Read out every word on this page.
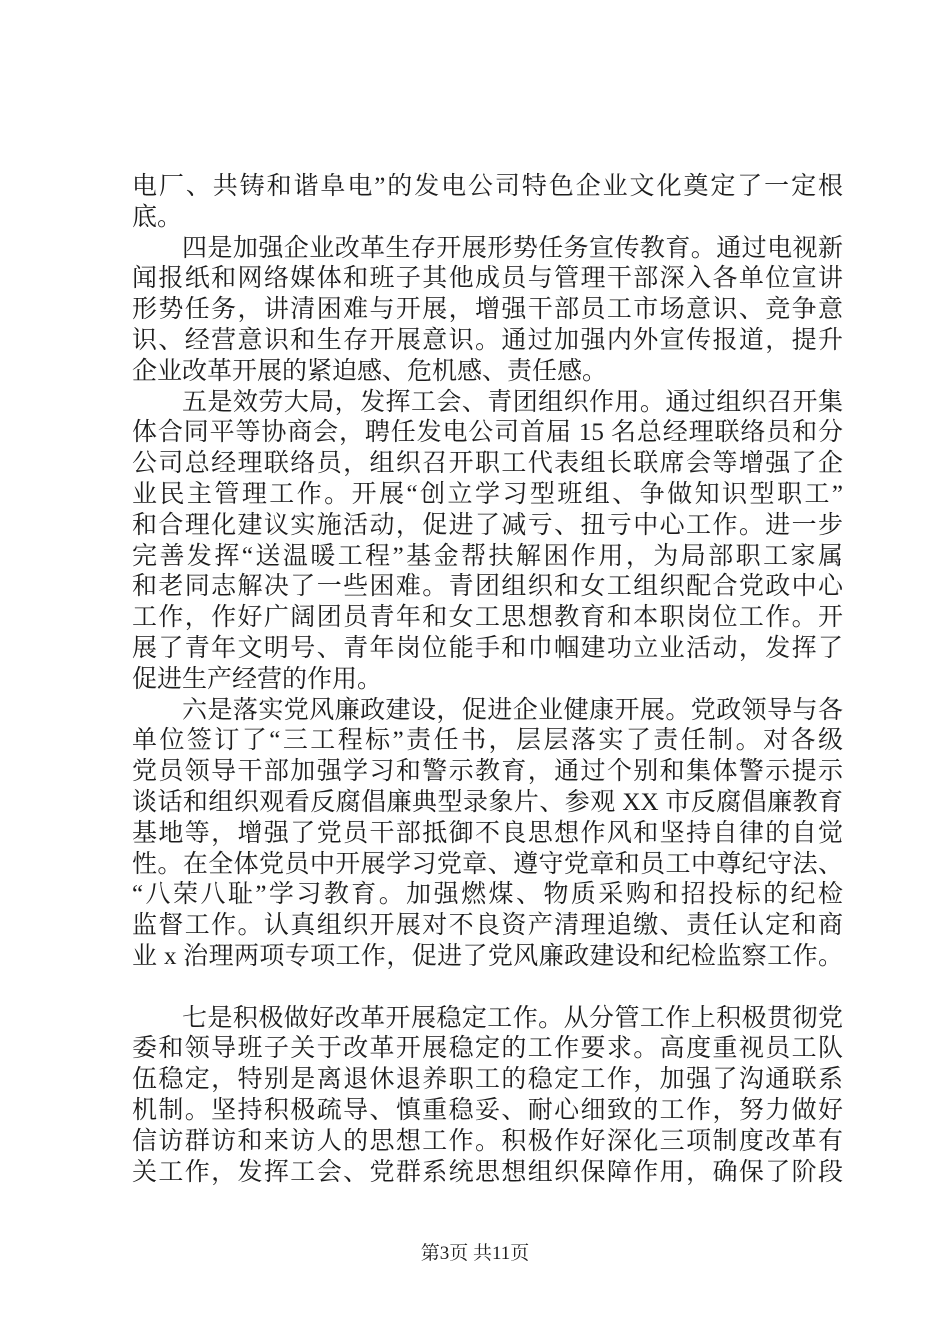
电厂、共铸和谐阜电”的发电公司特色企业文化奠定了一定根
底。
四是加强企业改革生存开展形势任务宣传教育。通过电视新
闻报纸和网络媒体和班子其他成员与管理干部深入各单位宣讲
形势任务，讲清困难与开展，增强干部员工市场意识、竞争意
识、经营意识和生存开展意识。通过加强内外宣传报道，提升
企业改革开展的紧迫感、危机感、责任感。
五是效劳大局，发挥工会、青团组织作用。通过组织召开集
体合同平等协商会，聘任发电公司首届 15 名总经理联络员和分
公司总经理联络员，组织召开职工代表组长联席会等增强了企
业民主管理工作。开展“创立学习型班组、争做知识型职工”
和合理化建议实施活动，促进了减亏、扭亏中心工作。进一步
完善发挥“送温暖工程”基金帮扶解困作用，为局部职工家属
和老同志解决了一些困难。青团组织和女工组织配合党政中心
工作，作好广阔团员青年和女工思想教育和本职岗位工作。开
展了青年文明号、青年岗位能手和巾帼建功立业活动，发挥了
促进生产经营的作用。
六是落实党风廉政建设，促进企业健康开展。党政领导与各
单位签订了“三工程标”责任书，层层落实了责任制。对各级
党员领导干部加强学习和警示教育，通过个别和集体警示提示
谈话和组织观看反腐倡廉典型录象片、参观 XX 市反腐倡廉教育
基地等，增强了党员干部抵御不良思想作风和坚持自律的自觉
性。在全体党员中开展学习党章、遵守党章和员工中尊纪守法、
“八荣八耻”学习教育。加强燃煤、物质采购和招投标的纪检
监督工作。认真组织开展对不良资产清理追缴、责任认定和商
业 x 治理两项专项工作，促进了党风廉政建设和纪检监察工作。
七是积极做好改革开展稳定工作。从分管工作上积极贯彻党
委和领导班子关于改革开展稳定的工作要求。高度重视员工队
伍稳定，特别是离退休退养职工的稳定工作，加强了沟通联系
机制。坚持积极疏导、慎重稳妥、耐心细致的工作，努力做好
信访群访和来访人的思想工作。积极作好深化三项制度改革有
关工作，发挥工会、党群系统思想组织保障作用，确保了阶段
第3页 共11页
